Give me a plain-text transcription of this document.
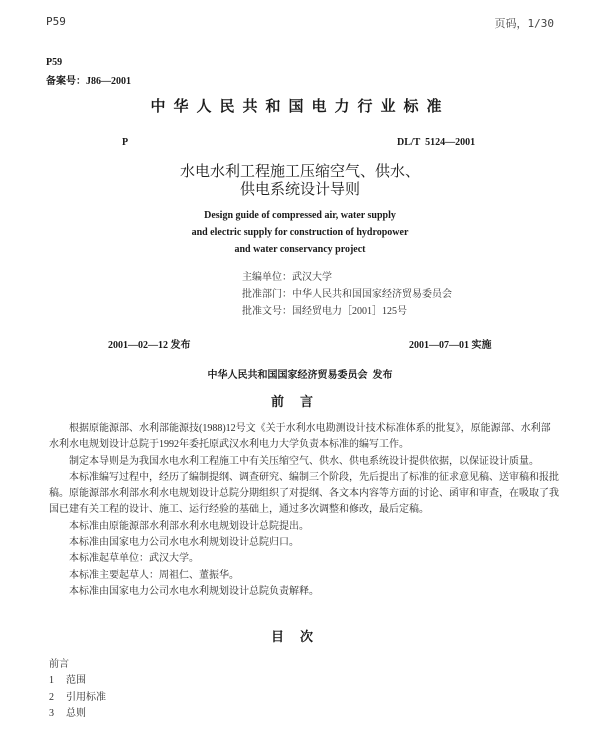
P59	页码，1/30
P59
备案号：J86—2001
中华人民共和国电力行业标准
P	DL/T  5124—2001
水电水利工程施工压缩空气、供水、
供电系统设计导则
Design guide of compressed air, water supply
and electric supply for construction of hydropower
and water conservancy project
主编单位：武汉大学
批准部门：中华人民共和国国家经济贸易委员会
批准文号：国经贸电力［2001］125号
2001—02—12 发布	2001—07—01 实施
中华人民共和国国家经济贸易委员会  发布
前言

根据原能源部、水利部能源技(1988)12号文《关于水利水电勘测设计技术标准体系的批复》，原能源部、水利部水利水电规划设计总院于1992年委托原武汉水利电力大学负责本标准的编写工作。

制定本导则是为我国水电水利工程施工中有关压缩空气、供水、供电系统设计提供依据，以保证设计质量。

本标准编写过程中，经历了编制提纲、调查研究、编制三个阶段，先后提出了标准的征求意见稿、送审稿和报批稿。原能源部水利部水利水电规划设计总院分期组织了对提纲、各文本内容等方面的讨论、函审和审查，在吸取了我国已建有关工程的设计、施工、运行经验的基础上，通过多次调整和修改，最后定稿。

本标准由原能源部水利部水利水电规划设计总院提出。

本标准由国家电力公司水电水利规划设计总院归口。

本标准起草单位：武汉大学。

本标准主要起草人：周祖仁、董振华。

本标准由国家电力公司水电水利规划设计总院负责解释。

目次
前言
1	范围
2	引用标准
3	总则
